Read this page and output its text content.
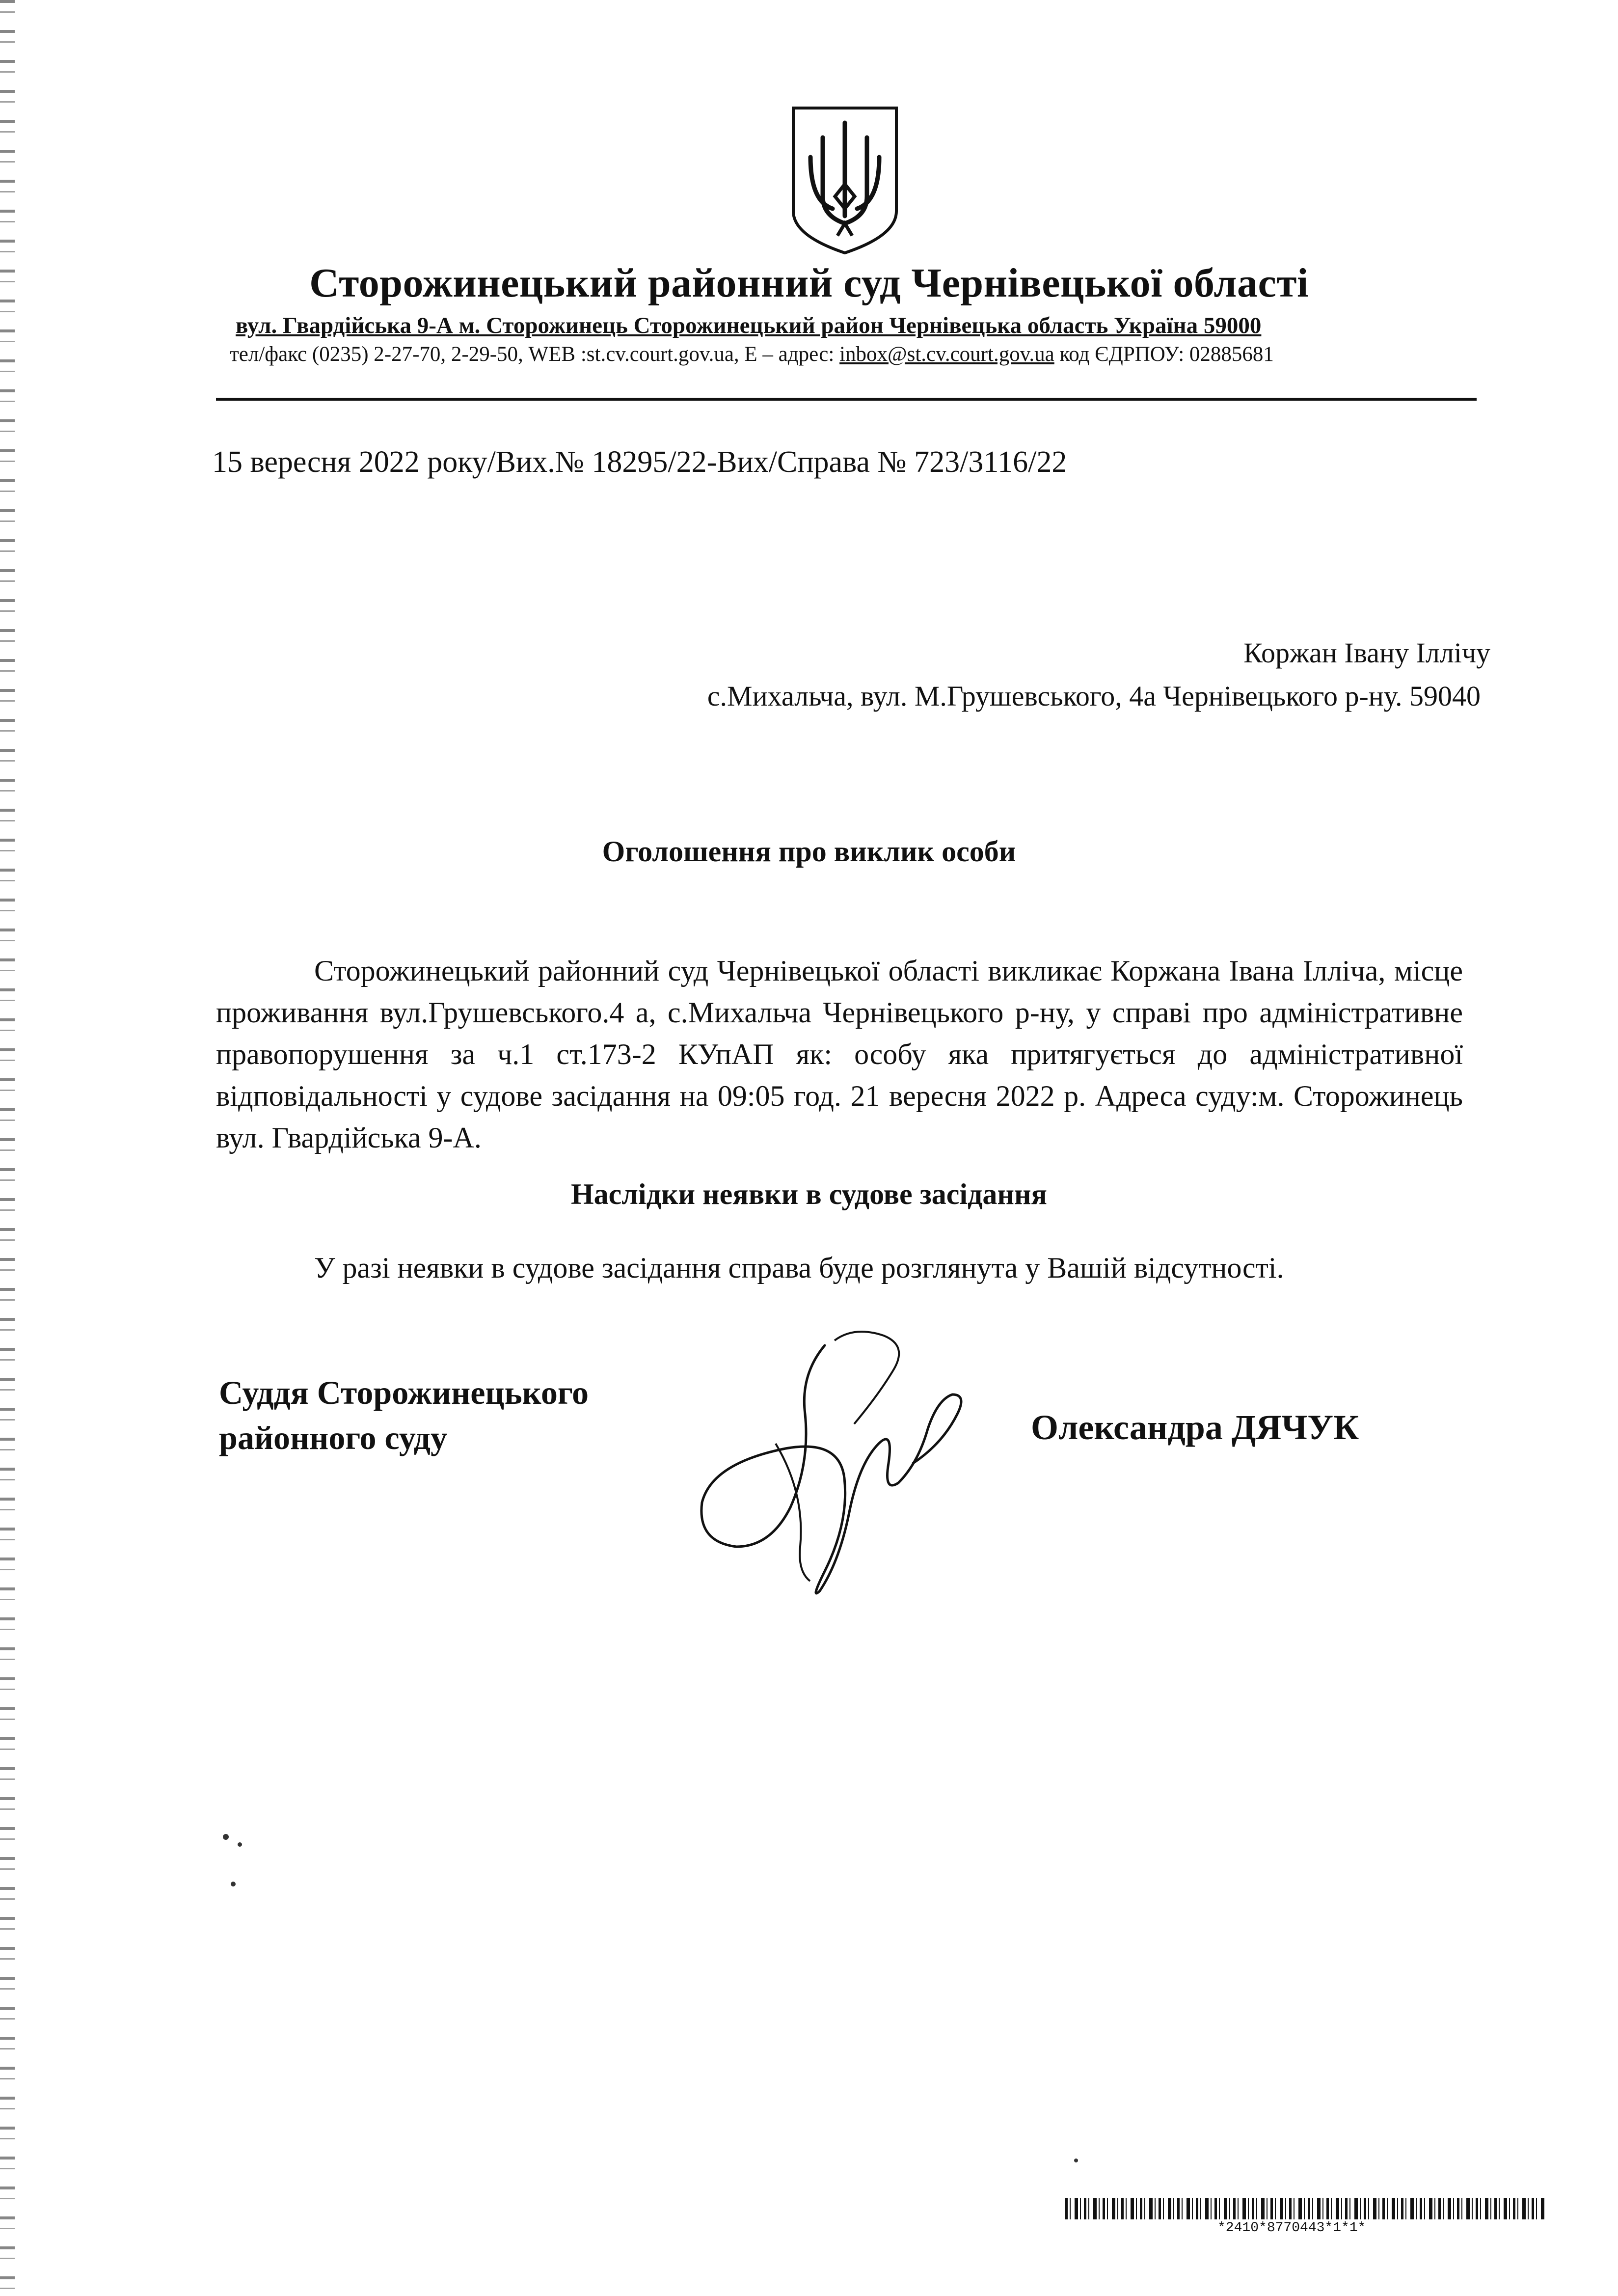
Сторожинецький районний суд Чернівецької області
вул. Гвардійська 9-А м. Сторожинець Сторожинецький район Чернівецька область Україна 59000
тел/факс (0235) 2-27-70, 2-29-50, WEB :st.cv.court.gov.ua, E – адрес: inbox@st.cv.court.gov.ua код ЄДРПОУ: 02885681
15 вересня 2022 року/Вих.№ 18295/22-Вих/Справа № 723/3116/22
Коржан Івану Іллічу
с.Михальча, вул. М.Грушевського, 4а Чернівецького р-ну. 59040
Оголошення про виклик особи
Сторожинецький районний суд Чернівецької області викликає Коржана Івана Ілліча, місце проживання вул.Грушевського.4 а, с.Михальча Чернівецького р-ну, у справі про адміністративне правопорушення за ч.1 ст.173-2 КУпАП як: особу яка притягується до адміністративної відповідальності у судове засідання на 09:05 год. 21 вересня 2022 р. Адреса суду:м. Сторожинець вул. Гвардійська 9-А.
Наслідки неявки в судове засідання
У разі неявки в судове засідання справа буде розглянута у Вашій відсутності.
Суддя Сторожинецького
районного суду	Олександра ДЯЧУК
*2410*8770443*1*1*
